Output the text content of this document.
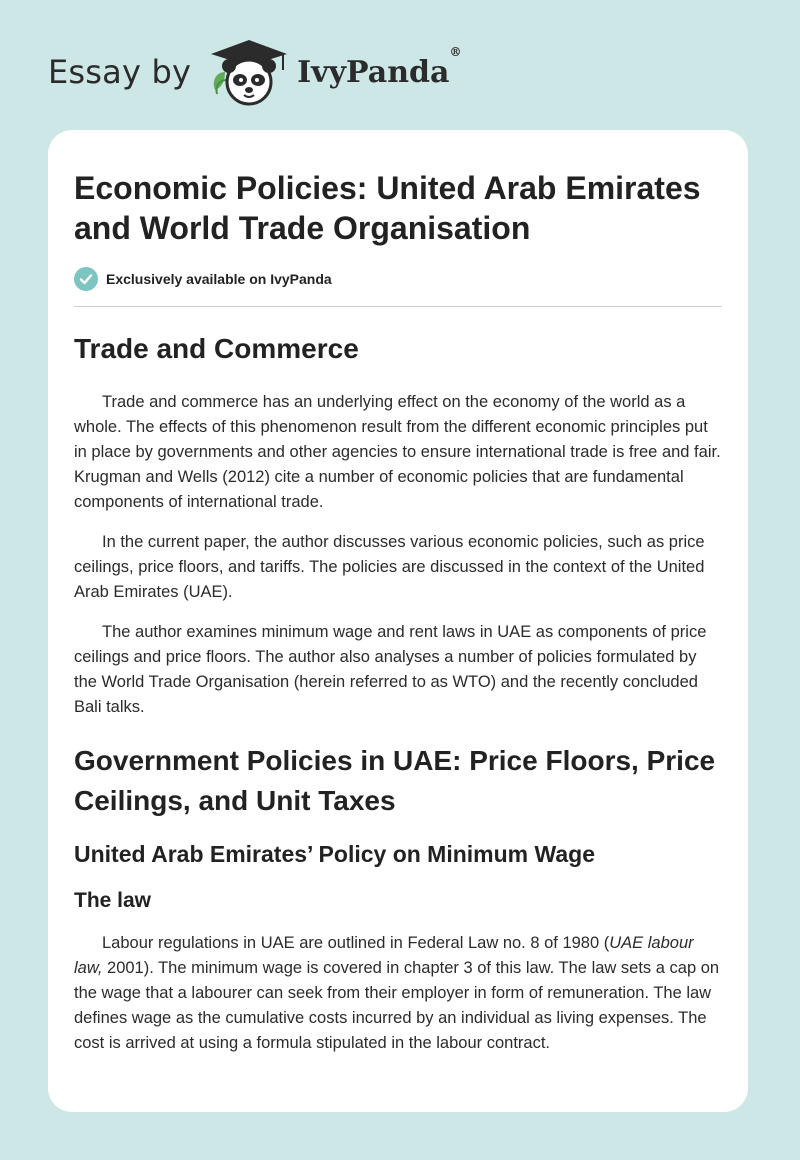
Essay by	IvyPanda®
Economic Policies: United Arab Emirates and World Trade Organisation
Exclusively available on IvyPanda
Trade and Commerce

Trade and commerce has an underlying effect on the economy of the world as a whole. The effects of this phenomenon result from the different economic principles put in place by governments and other agencies to ensure international trade is free and fair. Krugman and Wells (2012) cite a number of economic policies that are fundamental components of international trade.

In the current paper, the author discusses various economic policies, such as price ceilings, price floors, and tariffs. The policies are discussed in the context of the United Arab Emirates (UAE).

The author examines minimum wage and rent laws in UAE as components of price ceilings and price floors. The author also analyses a number of policies formulated by the World Trade Organisation (herein referred to as WTO) and the recently concluded Bali talks.

Government Policies in UAE: Price Floors, Price Ceilings, and Unit Taxes
United Arab Emirates’ Policy on Minimum Wage
The law

Labour regulations in UAE are outlined in Federal Law no. 8 of 1980 (UAE labour law, 2001). The minimum wage is covered in chapter 3 of this law. The law sets a cap on the wage that a labourer can seek from their employer in form of remuneration. The law defines wage as the cumulative costs incurred by an individual as living expenses. The cost is arrived at using a formula stipulated in the labour contract.
